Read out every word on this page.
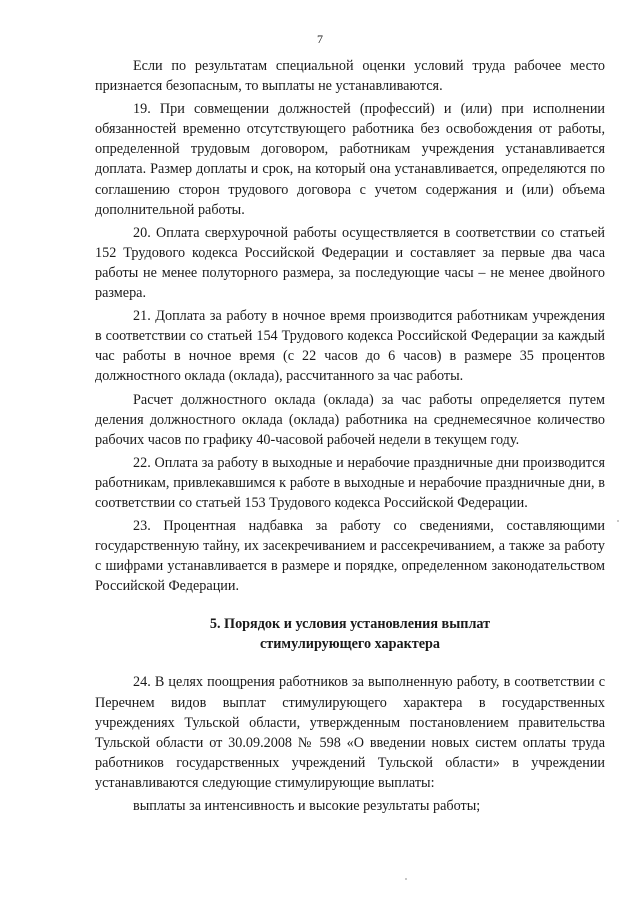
7

Если по результатам специальной оценки условий труда рабочее место признается безопасным, то выплаты не устанавливаются.

19. При совмещении должностей (профессий) и (или) при исполнении обязанностей временно отсутствующего работника без освобождения от работы, определенной трудовым договором, работникам учреждения устанавливается доплата. Размер доплаты и срок, на который она устанавливается, определяются по соглашению сторон трудового договора с учетом содержания и (или) объема дополнительной работы.

20. Оплата сверхурочной работы осуществляется в соответствии со статьей 152 Трудового кодекса Российской Федерации и составляет за первые два часа работы не менее полуторного размера, за последующие часы – не менее двойного размера.

21. Доплата за работу в ночное время производится работникам учреждения в соответствии со статьей 154 Трудового кодекса Российской Федерации за каждый час работы в ночное время (с 22 часов до 6 часов) в размере 35 процентов должностного оклада (оклада), рассчитанного за час работы.

Расчет должностного оклада (оклада) за час работы определяется путем деления должностного оклада (оклада) работника на среднемесячное количество рабочих часов по графику 40-часовой рабочей недели в текущем году.

22. Оплата за работу в выходные и нерабочие праздничные дни производится работникам, привлекавшимся к работе в выходные и нерабочие праздничные дни, в соответствии со статьей 153 Трудового кодекса Российской Федерации.

23. Процентная надбавка за работу со сведениями, составляющими государственную тайну, их засекречиванием и рассекречиванием, а также за работу с шифрами устанавливается в размере и порядке, определенном законодательством Российской Федерации.

5. Порядок и условия установления выплат
стимулирующего характера

24. В целях поощрения работников за выполненную работу, в соответствии с Перечнем видов выплат стимулирующего характера в государственных учреждениях Тульской области, утвержденным постановлением правительства Тульской области от 30.09.2008 № 598 «О введении новых систем оплаты труда работников государственных учреждений Тульской области» в учреждении устанавливаются следующие стимулирующие выплаты:

выплаты за интенсивность и высокие результаты работы;
